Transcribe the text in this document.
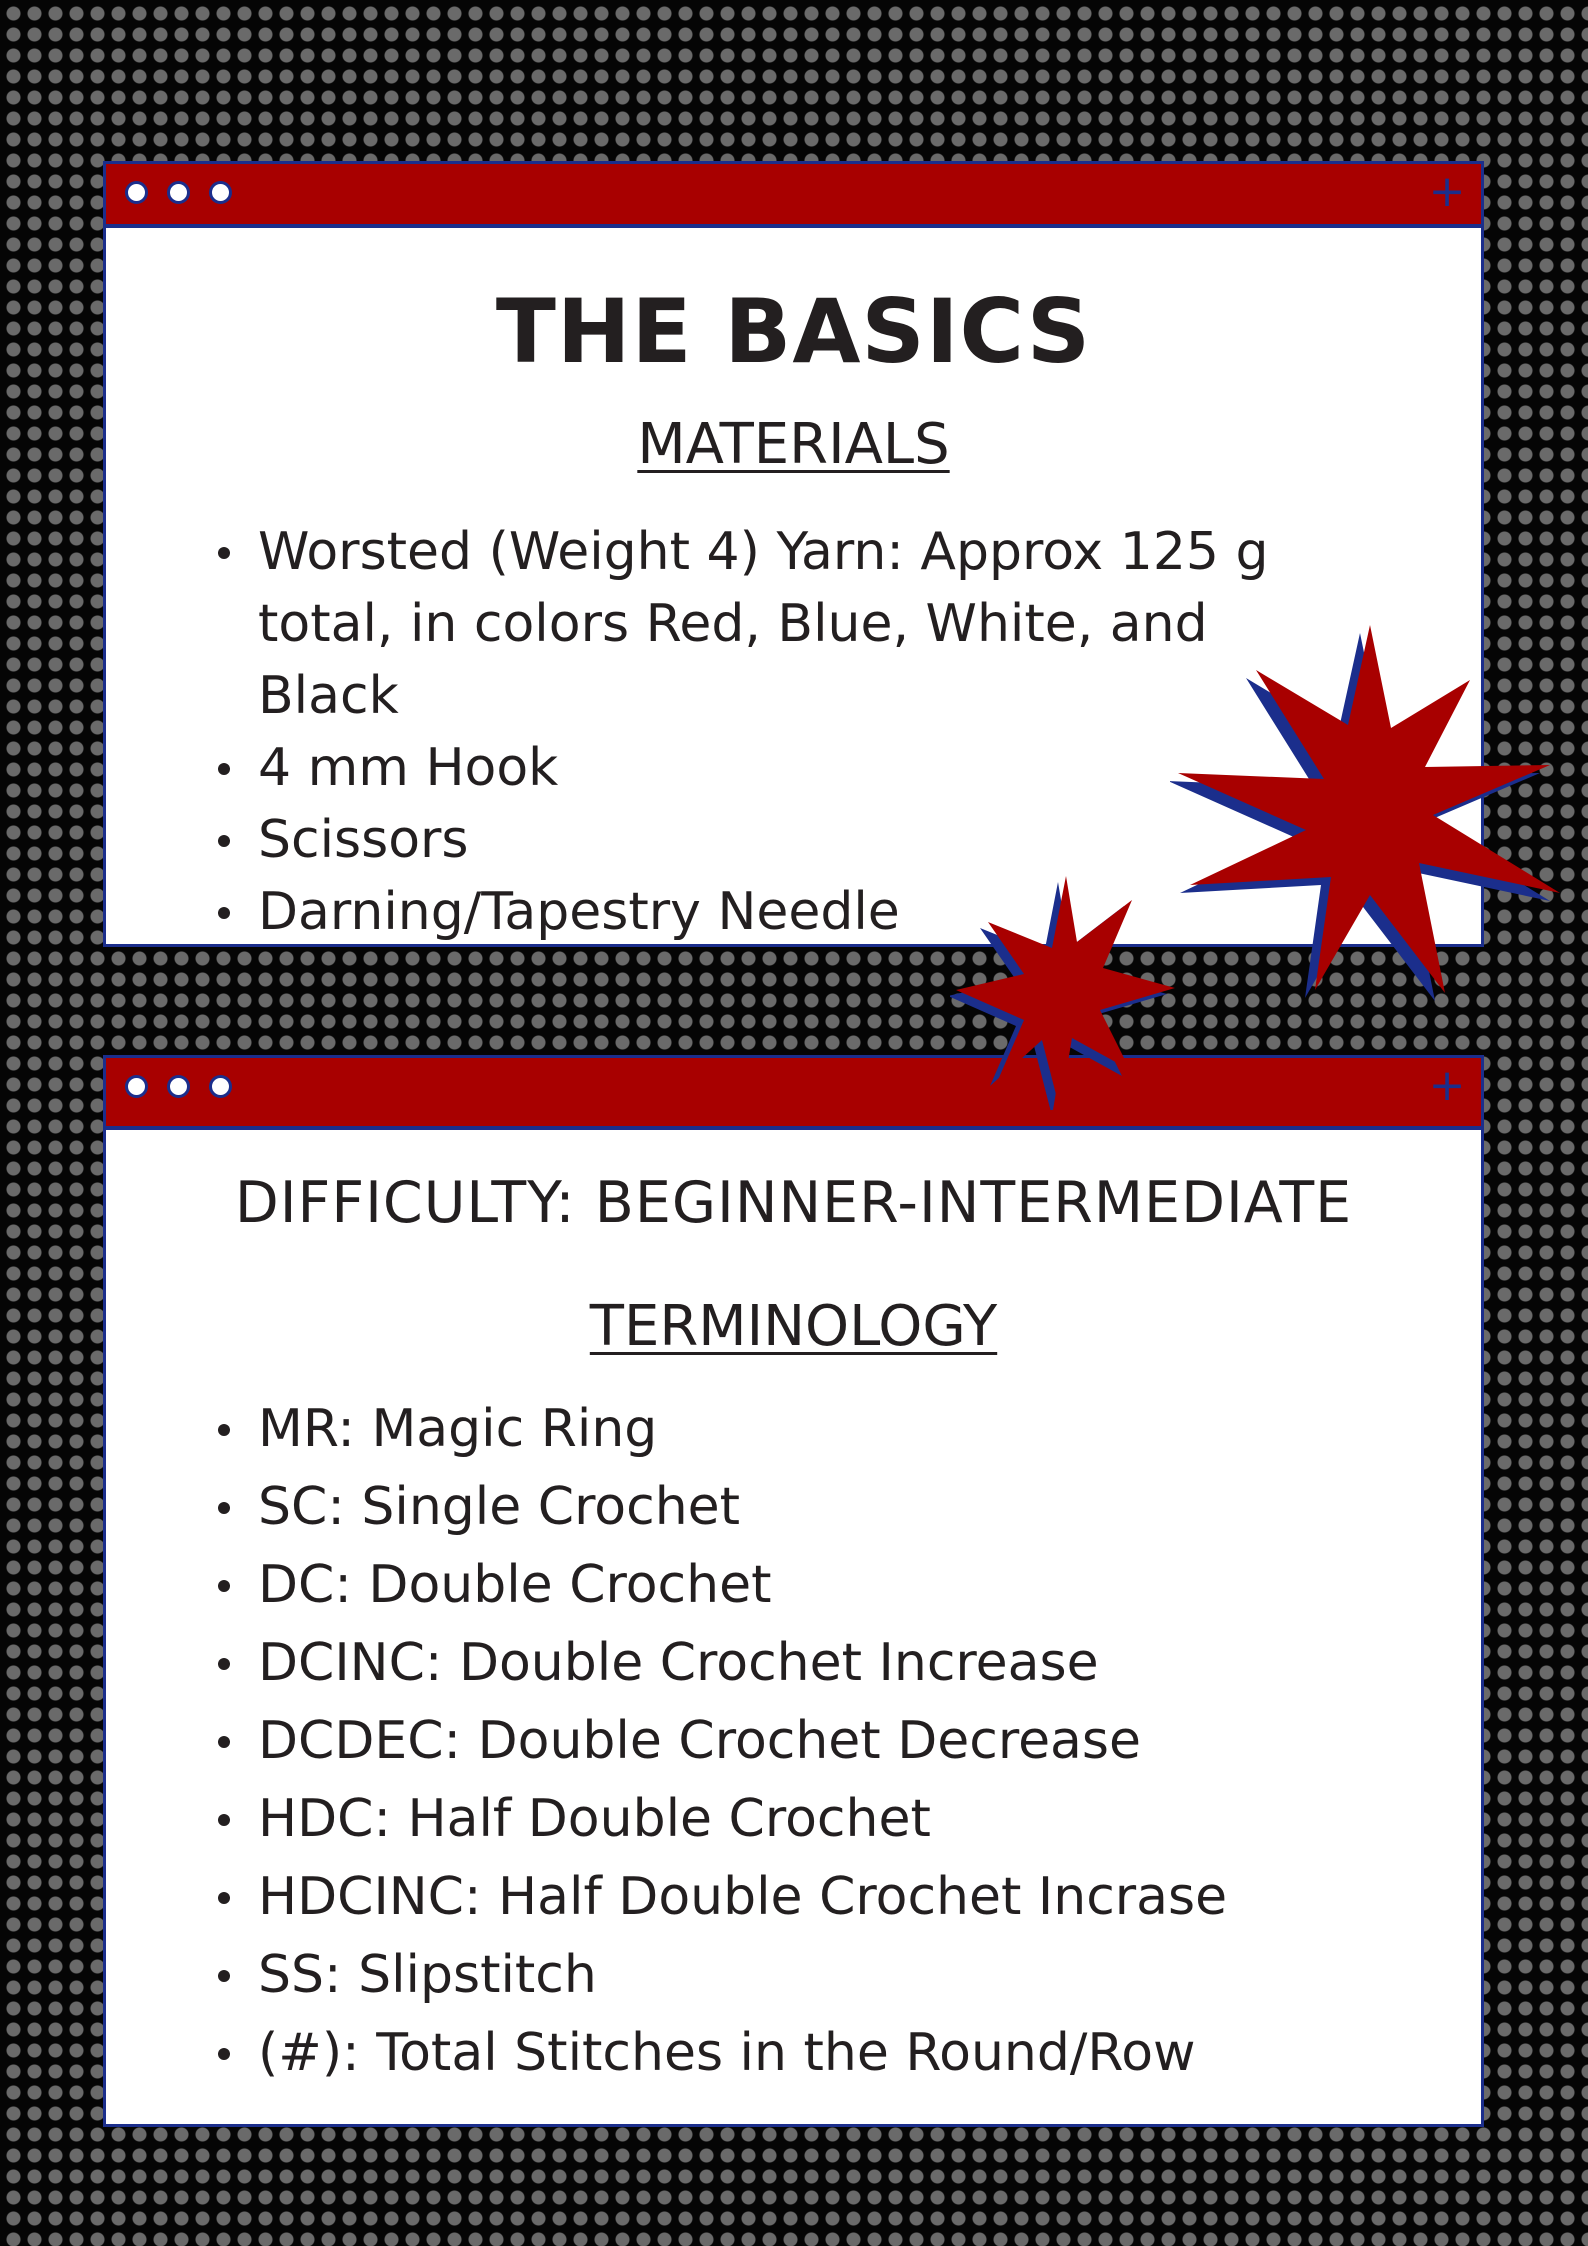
+
THE BASICS
MATERIALS
Worsted (Weight 4) Yarn: Approx 125 g total, in colors Red, Blue, White, and Black
4 mm Hook
Scissors
Darning/Tapestry Needle
+
DIFFICULTY: BEGINNER-INTERMEDIATE
TERMINOLOGY
MR: Magic Ring
SC: Single Crochet
DC: Double Crochet
DCINC: Double Crochet Increase
DCDEC: Double Crochet Decrease
HDC: Half Double Crochet
HDCINC: Half Double Crochet Incrase
SS: Slipstitch
(#): Total Stitches in the Round/Row
